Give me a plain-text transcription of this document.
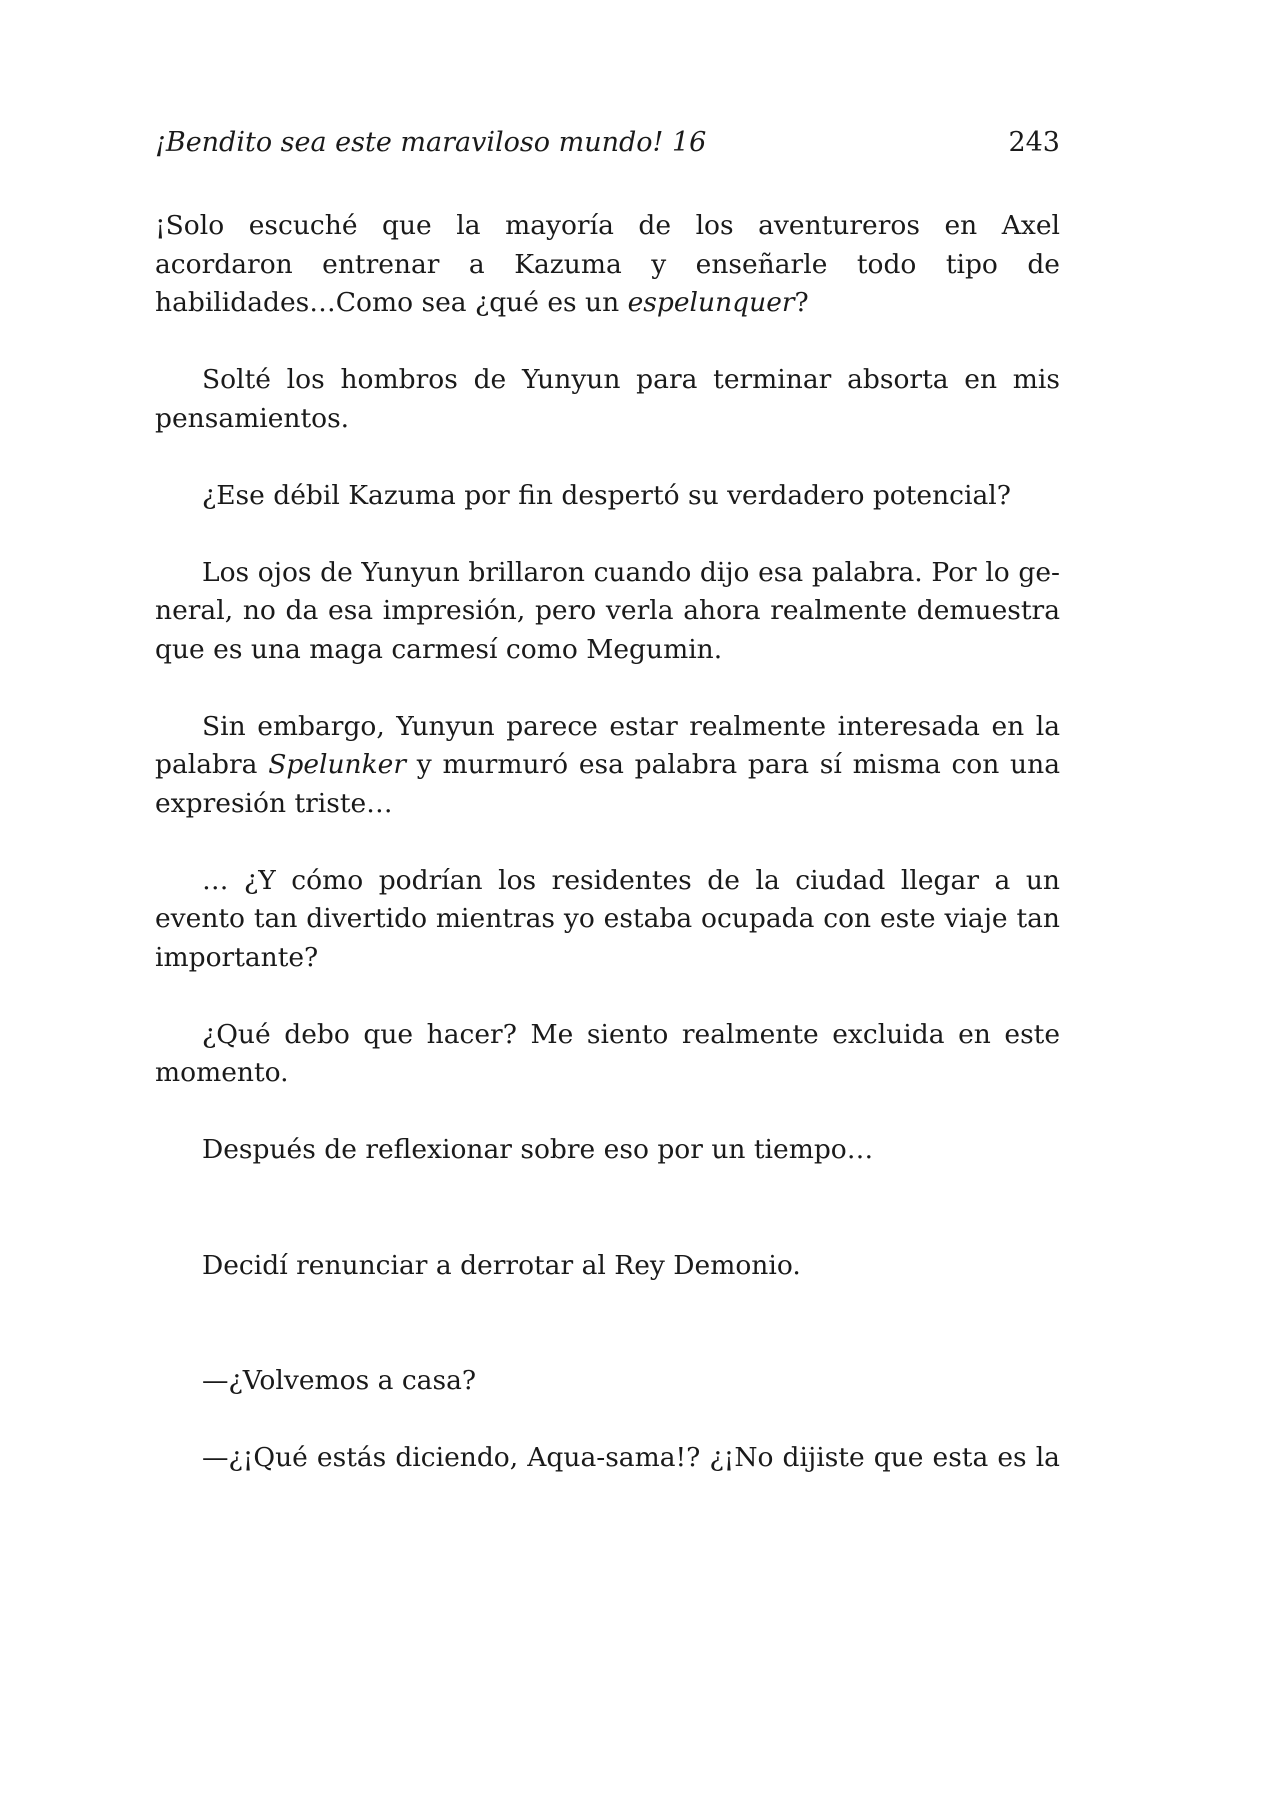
¡Bendito sea este maraviloso mundo! 16	243

¡Solo escuché que la mayoría de los aventureros en Axel acordaron entrenar a Kazuma y enseñarle todo tipo de habilidades…Como sea ¿qué es un espelunquer?

Solté los hombros de Yunyun para terminar absorta en mis pensamientos.

¿Ese débil Kazuma por fin despertó su verdadero potencial?

Los ojos de Yunyun brillaron cuando dijo esa palabra. Por lo general, no da esa impresión, pero verla ahora realmente demuestra que es una maga carmesí como Megumin.

Sin embargo, Yunyun parece estar realmente interesada en la palabra Spelunker y murmuró esa palabra para sí misma con una expresión triste…

… ¿Y cómo podrían los residentes de la ciudad llegar a un evento tan divertido mientras yo estaba ocupada con este viaje tan importante?

¿Qué debo que hacer? Me siento realmente excluida en este momento.

Después de reflexionar sobre eso por un tiempo…

Decidí renunciar a derrotar al Rey Demonio.

—¿Volvemos a casa?

—¿¡Qué estás diciendo, Aqua-sama!? ¿¡No dijiste que esta es la
